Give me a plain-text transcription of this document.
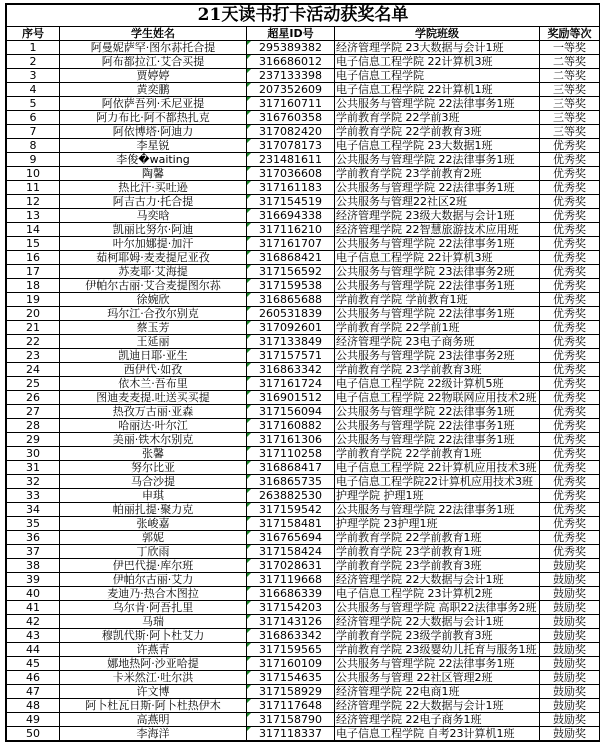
21天读书打卡活动获奖名单				
序号	学生姓名	超星ID号	学院班级	奖励等次
1	阿曼妮萨罕·图尔荪托合提	295389382	经济管理学院 23大数据与会计1班	一等奖
2	阿布都拉江·艾合买提	316686012	电子信息工程学院 22计算机3班	二等奖
3	贾婷婷	237133398	电子信息工程学院	二等奖
4	黄奕鹏	207352609	电子信息工程学院 22计算机1班	三等奖
5	阿依萨吾列·禾尼亚提	317160711	公共服务与管理学院 22法律事务1班	三等奖
6	阿力布比·阿不都热扎克	316760358	学前教育学院 22学前3班	三等奖
7	阿依博塔·阿迪力	317082420	学前教育学院 22学前教育3班	三等奖
8	李星锐	317078173	电子信息工程学院 23大数据1班	优秀奖
9	李俊�waiting	231481611	公共服务与管理学院 22法律事务1班	优秀奖
10	陶馨	317036608	学前教育学院 23学前教育2班	优秀奖
11	热比汗·买吐逊	317161183	公共服务与管理学院 22法律事务1班	优秀奖
12	阿吉古力·托合提	317154519	公共服务与管理22社区2班	优秀奖
13	马奕晗	316694338	经济管理学院 23级大数据与会计1班	优秀奖
14	凯丽比努尔·阿迪	317116210	经济管理学院 22智慧旅游技术应用班	优秀奖
15	叶尔加娜提·加汗	317161707	公共服务与管理学院 22法律事务1班	优秀奖
16	茹柯耶姆·麦麦提尼亚孜	316868421	电子信息工程学院 22计算机3班	优秀奖
17	苏麦耶·艾海提	317156592	公共服务与管理学院 23法律事务2班	优秀奖
18	伊帕尔古丽·艾合麦提图尔荪	317159538	公共服务与管理学院 22法律事务1班	优秀奖
19	徐婉欣	316865688	学前教育学院 学前教育1班	优秀奖
20	玛尔江·合孜尔别克	260531839	公共服务与管理学院 22法律事务1班	优秀奖
21	蔡玉芳	317092601	学前教育学院 22学前1班	优秀奖
22	王延丽	317133849	经济管理学院 23电子商务班	优秀奖
23	凯迪日耶·亚生	317157571	公共服务与管理学院 23法律事务2班	优秀奖
24	西伊代·如孜	316863342	学前教育学院 23学前教育3班	优秀奖
25	依木兰·吾布里	317161724	电子信息工程学院 22级计算机5班	优秀奖
26	图迪麦麦提.吐送买买提	316901512	电子信息工程学院 22物联网应用技术2班	优秀奖
27	热孜万古丽·亚森	317156094	公共服务与管理学院 22法律事务1班	优秀奖
28	哈丽达·叶尔江	317160882	公共服务与管理学院 22法律事务1班	优秀奖
29	美丽·铁木尔别克	317161306	公共服务与管理学院 22法律事务1班	优秀奖
30	张馨	317110258	学前教育学院 22学前教育1班	优秀奖
31	努尔比亚	316868417	电子信息工程学院 22计算机应用技术3班	优秀奖
32	马合沙提	316865735	电子信息工程学院22计算机应用技术3班	优秀奖
33	申琪	263882530	护理学院 护理1班	优秀奖
34	帕丽扎提·聚力克	317159542	公共服务与管理学院 22法律事务1班	优秀奖
35	张峻嘉	317158481	护理学院 23护理1班	优秀奖
36	郭妮	316765694	学前教育学院 22学前教育1班	优秀奖
37	丁欣雨	317158424	学前教育学院 23学前教育1班	优秀奖
38	伊巴代提·库尔班	317028631	学前教育学院 23学前教育3班	鼓励奖
39	伊帕尔古丽·艾力	317119668	经济管理学院 22大数据与会计1班	鼓励奖
40	麦迪乃·热合木图拉	316686339	电子信息工程学院 23计算机2班	鼓励奖
41	乌尔肯·阿吾扎里	317154203	公共服务与管理学院 高职22法律事务2班	鼓励奖
42	马瑞	317143126	经济管理学院 22大数据与会计1班	鼓励奖
43	穆凯代斯·阿卜杜艾力	316863342	学前教育学院 23级学前教育3班	鼓励奖
44	许燕青	317159565	学前教育学院 23级婴幼儿托育与服务1班	鼓励奖
45	娜地热阿·沙亚哈提	317160109	公共服务与管理学院 22法律事务1班	鼓励奖
46	卡米然江·吐尔洪	317154635	公共服务与管理 22社区管理2班	鼓励奖
47	许文博	317158929	经济管理学院 22电商1班	鼓励奖
48	阿卜杜瓦日斯·阿卜杜热伊木	317117648	经济管理学院 22大数据与会计1班	鼓励奖
49	高燕明	317158790	经济管理学院 22电子商务1班	鼓励奖
50	李海洋	317118337	电子信息工程学院 自考23计算机1班	鼓励奖
